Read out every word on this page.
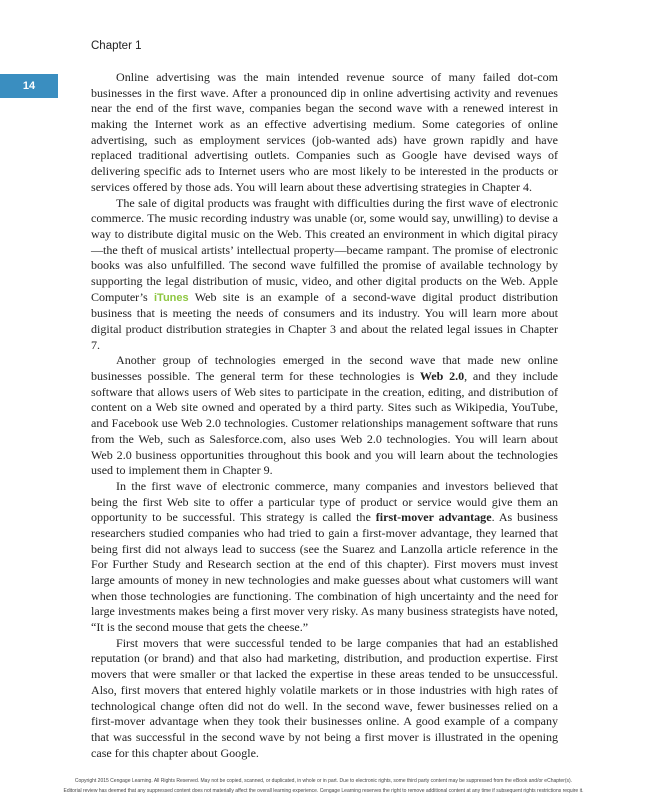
Chapter 1
14

Online advertising was the main intended revenue source of many failed dot-com businesses in the first wave. After a pronounced dip in online advertising activity and revenues near the end of the first wave, companies began the second wave with a renewed interest in making the Internet work as an effective advertising medium. Some categories of online advertising, such as employment services (job-wanted ads) have grown rapidly and have replaced traditional advertising outlets. Companies such as Google have devised ways of delivering specific ads to Internet users who are most likely to be interested in the products or services offered by those ads. You will learn about these advertising strategies in Chapter 4.

The sale of digital products was fraught with difficulties during the first wave of electronic commerce. The music recording industry was unable (or, some would say, unwilling) to devise a way to distribute digital music on the Web. This created an environment in which digital piracy—the theft of musical artists’ intellectual property—became rampant. The promise of electronic books was also unfulfilled. The second wave fulfilled the promise of available technology by supporting the legal distribution of music, video, and other digital products on the Web. Apple Computer’s iTunes Web site is an example of a second-wave digital product distribution business that is meeting the needs of consumers and its industry. You will learn more about digital product distribution strategies in Chapter 3 and about the related legal issues in Chapter 7.

Another group of technologies emerged in the second wave that made new online businesses possible. The general term for these technologies is Web 2.0, and they include software that allows users of Web sites to participate in the creation, editing, and distribution of content on a Web site owned and operated by a third party. Sites such as Wikipedia, YouTube, and Facebook use Web 2.0 technologies. Customer relationships management software that runs from the Web, such as Salesforce.com, also uses Web 2.0 technologies. You will learn about Web 2.0 business opportunities throughout this book and you will learn about the technologies used to implement them in Chapter 9.

In the first wave of electronic commerce, many companies and investors believed that being the first Web site to offer a particular type of product or service would give them an opportunity to be successful. This strategy is called the first-mover advantage. As business researchers studied companies who had tried to gain a first-mover advantage, they learned that being first did not always lead to success (see the Suarez and Lanzolla article reference in the For Further Study and Research section at the end of this chapter). First movers must invest large amounts of money in new technologies and make guesses about what customers will want when those technologies are functioning. The combination of high uncertainty and the need for large investments makes being a first mover very risky. As many business strategists have noted, “It is the second mouse that gets the cheese.”

First movers that were successful tended to be large companies that had an established reputation (or brand) and that also had marketing, distribution, and production expertise. First movers that were smaller or that lacked the expertise in these areas tended to be unsuccessful. Also, first movers that entered highly volatile markets or in those industries with high rates of technological change often did not do well. In the second wave, fewer businesses relied on a first-mover advantage when they took their businesses online. A good example of a company that was successful in the second wave by not being a first mover is illustrated in the opening case for this chapter about Google.

Copyright 2015 Cengage Learning. All Rights Reserved. May not be copied, scanned, or duplicated, in whole or in part. Due to electronic rights, some third party content may be suppressed from the eBook and/or eChapter(s).
Editorial review has deemed that any suppressed content does not materially affect the overall learning experience. Cengage Learning reserves the right to remove additional content at any time if subsequent rights restrictions require it.
